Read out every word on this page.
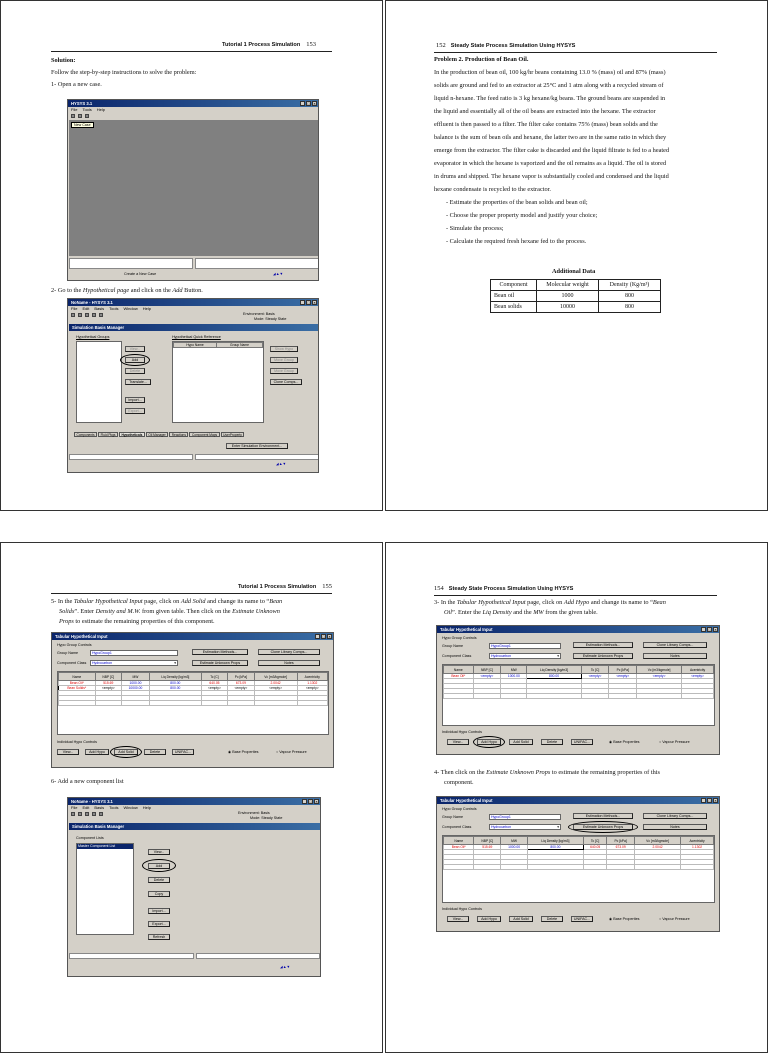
Tutorial 1 Process Simulation 153
Solution:
Follow the step-by-step instructions to solve the problem:
1- Open a new case.
HYSYS 3.1	_	□	×
File Tools Help
New Case
Create a New Case	◢▲▼
2- Go to the Hypothetical page and click on the Add Button.
NoName - HYSYS 3.1	_	□	×
File Edit Basis Tools Window Help
Environment: Basis
Mode: Steady State
Simulation Basis Manager
Hypothetical Groups
View...
Add
Delete
Translate...
Import...
Export...
Hypothetical Quick Reference
Hypo Name	Group Name
Show Hypo
Move Group
Move Group
Clone Comps...
Components	Fluid Pkgs	Hypotheticals	Oil Manager	Reactions	Component Maps	UserProperty
Enter Simulation Environment...
◢▲▼
152 Steady State Process Simulation Using HYSYS
Problem 2. Production of Bean Oil.
In the production of bean oil, 100 kg/hr beans containing 13.0 % (mass) oil and 87% (mass)
solids are ground and fed to an extractor at 25°C and 1 atm along with a recycled stream of
liquid n-hexane. The feed ratio is 3 kg hexane/kg beans. The ground beans are suspended in
the liquid and essentially all of the oil beans are extracted into the hexane. The extractor
effluent is then passed to a filter. The filter cake contains 75% (mass) bean solids and the
balance is the sum of bean oils and hexane, the latter two are in the same ratio in which they
emerge from the extractor. The filter cake is discarded and the liquid filtrate is fed to a heated
evaporator in which the hexane is vaporized and the oil remains as a liquid. The oil is stored
in drums and shipped. The hexane vapor is substantially cooled and condensed and the liquid
hexane condensate is recycled to the extractor.
- Estimate the properties of the bean solids and bean oil;
- Choose the proper property model and justify your choice;
- Simulate the process;
- Calculate the required fresh hexane fed to the process.
Additional Data
Component	Molecular weight	Density (Kg/m³)
Bean oil	1000	800
Bean solids	10000	800
Tutorial 1 Process Simulation 155
5- In the Tabular Hypothetical Input page, click on Add Solid and change its name to “Bean
Solids”. Enter Density and M.W. from given table. Then click on the Estimate Unknown
Props to estimate the remaining properties of this component.
Tabular Hypothetical Input	_	□	×
Hypo Group Controls
Group Name	HypoGroup1
Component Class	Hydrocarbon	▾
Estimation Methods...	Clone Library Comps...
Estimate Unknown Props	Notes
Name	NBP [C]	MW	Liq Density [kg/m3]	Tc [C]	Pc [kPa]	Vc [m3/kgmole]	Acentricity
Bean Oil*	515.69	1000.00	800.00	640.05	673.09	2.0042	1.1302
Bean Solids*	<empty>	10000.00	800.00	<empty>	<empty>	<empty>	<empty>

Individual Hypo Controls
View...	Add Hypo	Add Solid	Delete	UNIFAC...	◉ Base Properties	○ Vapour Pressure
6- Add a new component list
NoName - HYSYS 3.1	_	□	×
File Edit Basis Tools Window Help
Environment: Basis
Mode: Steady State
Simulation Basis Manager
Component Lists
Master Component List
View...
Add
Delete
Copy
Import...
Export...
Refresh
◢▲▼
154 Steady State Process Simulation Using HYSYS
3- In the Tabular Hypothetical Input page, click on Add Hypo and change its name to “Bean
Oil”. Enter the Liq Density and the MW from the given table.
Tabular Hypothetical Input	_	□	×
Hypo Group Controls
Group Name	HypoGroup1
Component Class	Hydrocarbon	▾
Estimation Methods...	Clone Library Comps...
Estimate Unknown Props	Notes
Name	NBP [C]	MW	Liq Density [kg/m3]	Tc [C]	Pc [kPa]	Vc [m3/kgmole]	Acentricity
Bean Oil*	<empty>	1000.00	800.00	<empty>	<empty>	<empty>	<empty>

Individual Hypo Controls
View...	Add Hypo	Add Solid	Delete	UNIFAC...	◉ Base Properties	○ Vapour Pressure
4- Then click on the Estimate Unknown Props to estimate the remaining properties of this
component.
Tabular Hypothetical Input	_	□	×
Hypo Group Controls
Group Name	HypoGroup1
Component Class	Hydrocarbon	▾
Estimation Methods...	Clone Library Comps...
Estimate Unknown Props	Notes
Name	NBP [C]	MW	Liq Density [kg/m3]	Tc [C]	Pc [kPa]	Vc [m3/kgmole]	Acentricity
Bean Oil*	515.69	1000.00	800.00	640.05	673.09	2.0042	1.1302

Individual Hypo Controls
View...	Add Hypo	Add Solid	Delete	UNIFAC...	◉ Base Properties	○ Vapour Pressure
